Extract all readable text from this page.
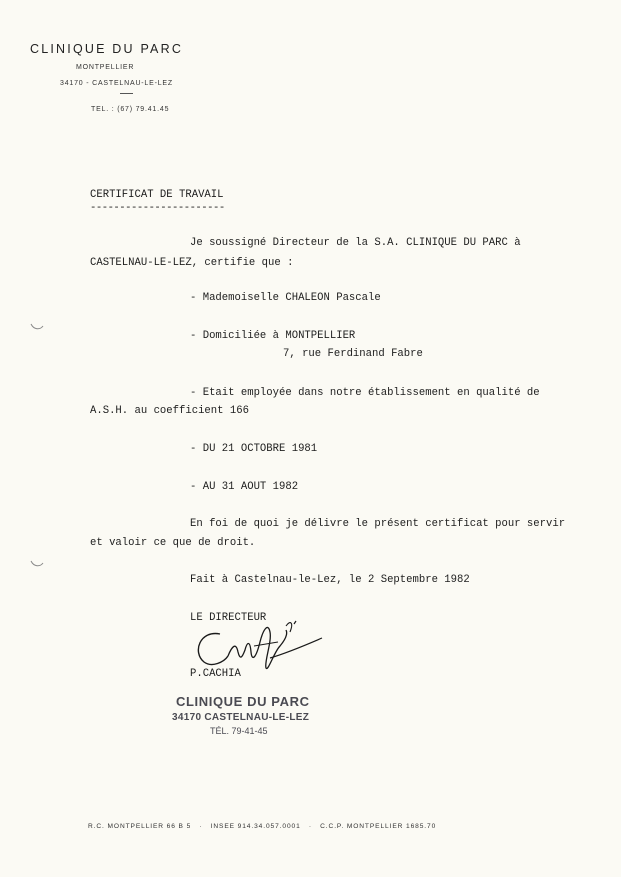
CLINIQUE DU PARC
MONTPELLIER
34170 - CASTELNAU-LE-LEZ
TEL. : (67) 79.41.45
CERTIFICAT DE TRAVAIL
-----------------------
Je soussigné Directeur de la S.A. CLINIQUE DU PARC à
CASTELNAU-LE-LEZ, certifie que :
- Mademoiselle CHALEON Pascale
- Domiciliée à MONTPELLIER
7, rue Ferdinand Fabre
- Etait employée dans notre établissement en qualité de
A.S.H. au coefficient 166
- DU 21 OCTOBRE 1981
- AU 31 AOUT 1982
En foi de quoi je délivre le présent certificat pour servir
et valoir ce que de droit.
Fait à Castelnau-le-Lez, le 2 Septembre 1982
LE DIRECTEUR
P.CACHIA
CLINIQUE DU PARC
34170 CASTELNAU-LE-LEZ
TÉL. 79-41-45
R.C. MONTPELLIER 66 B 5   ·   INSEE 914.34.057.0001   ·   C.C.P. MONTPELLIER 1685.70
